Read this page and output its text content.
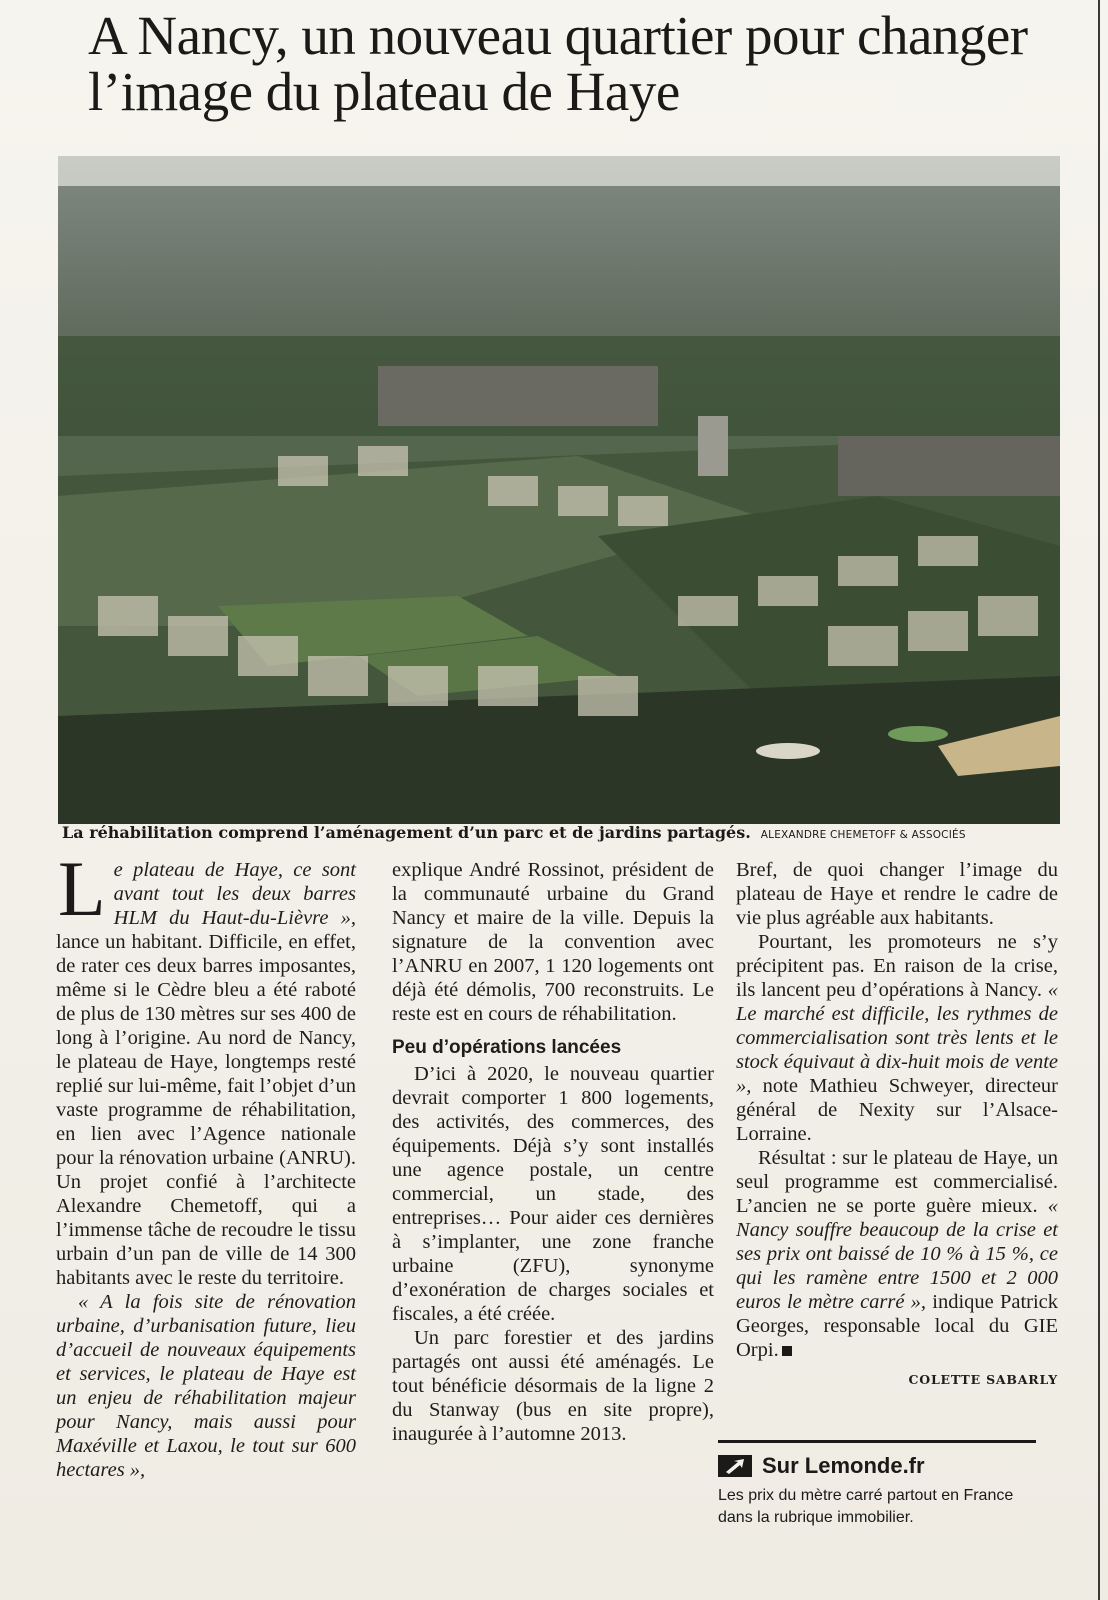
A Nancy, un nouveau quartier pour changer l’image du plateau de Haye
La réhabilitation comprend l’aménagement d’un parc et de jardins partagés. ALEXANDRE CHEMETOFF & ASSOCIÉS

Le plateau de Haye, ce sont avant tout les deux barres HLM du Haut-du-Lièvre », lance un habitant. Difficile, en effet, de rater ces deux barres imposantes, même si le Cèdre bleu a été raboté de plus de 130 mètres sur ses 400 de long à l’origine. Au nord de Nancy, le plateau de Haye, longtemps resté replié sur lui-même, fait l’objet d’un vaste programme de réhabilitation, en lien avec l’Agence nationale pour la rénovation urbaine (ANRU). Un projet confié à l’architecte Alexandre Chemetoff, qui a l’immense tâche de recoudre le tissu urbain d’un pan de ville de 14 300 habitants avec le reste du territoire.

« A la fois site de rénovation urbaine, d’urbanisation future, lieu d’accueil de nouveaux équipements et services, le plateau de Haye est un enjeu de réhabilitation majeur pour Nancy, mais aussi pour Maxéville et Laxou, le tout sur 600 hectares »,

explique André Rossinot, président de la communauté urbaine du Grand Nancy et maire de la ville. Depuis la signature de la convention avec l’ANRU en 2007, 1 120 logements ont déjà été démolis, 700 reconstruits. Le reste est en cours de réhabilitation.

Peu d’opérations lancées

D’ici à 2020, le nouveau quartier devrait comporter 1 800 logements, des activités, des commerces, des équipements. Déjà s’y sont installés une agence postale, un centre commercial, un stade, des entreprises… Pour aider ces dernières à s’implanter, une zone franche urbaine (ZFU), synonyme d’exonération de charges sociales et fiscales, a été créée.

Un parc forestier et des jardins partagés ont aussi été aménagés. Le tout bénéficie désormais de la ligne 2 du Stanway (bus en site propre), inaugurée à l’automne 2013.

Bref, de quoi changer l’image du plateau de Haye et rendre le cadre de vie plus agréable aux habitants.

Pourtant, les promoteurs ne s’y précipitent pas. En raison de la crise, ils lancent peu d’opérations à Nancy. « Le marché est difficile, les rythmes de commercialisation sont très lents et le stock équivaut à dix-huit mois de vente », note Mathieu Schweyer, directeur général de Nexity sur l’Alsace-Lorraine.

Résultat : sur le plateau de Haye, un seul programme est commercialisé. L’ancien ne se porte guère mieux. « Nancy souffre beaucoup de la crise et ses prix ont baissé de 10 % à 15 %, ce qui les ramène entre 1500 et 2 000 euros le mètre carré », indique Patrick Georges, responsable local du GIE Orpi.

COLETTE SABARLY

Sur Lemonde.fr
Les prix du mètre carré partout en France dans la rubrique immobilier.
